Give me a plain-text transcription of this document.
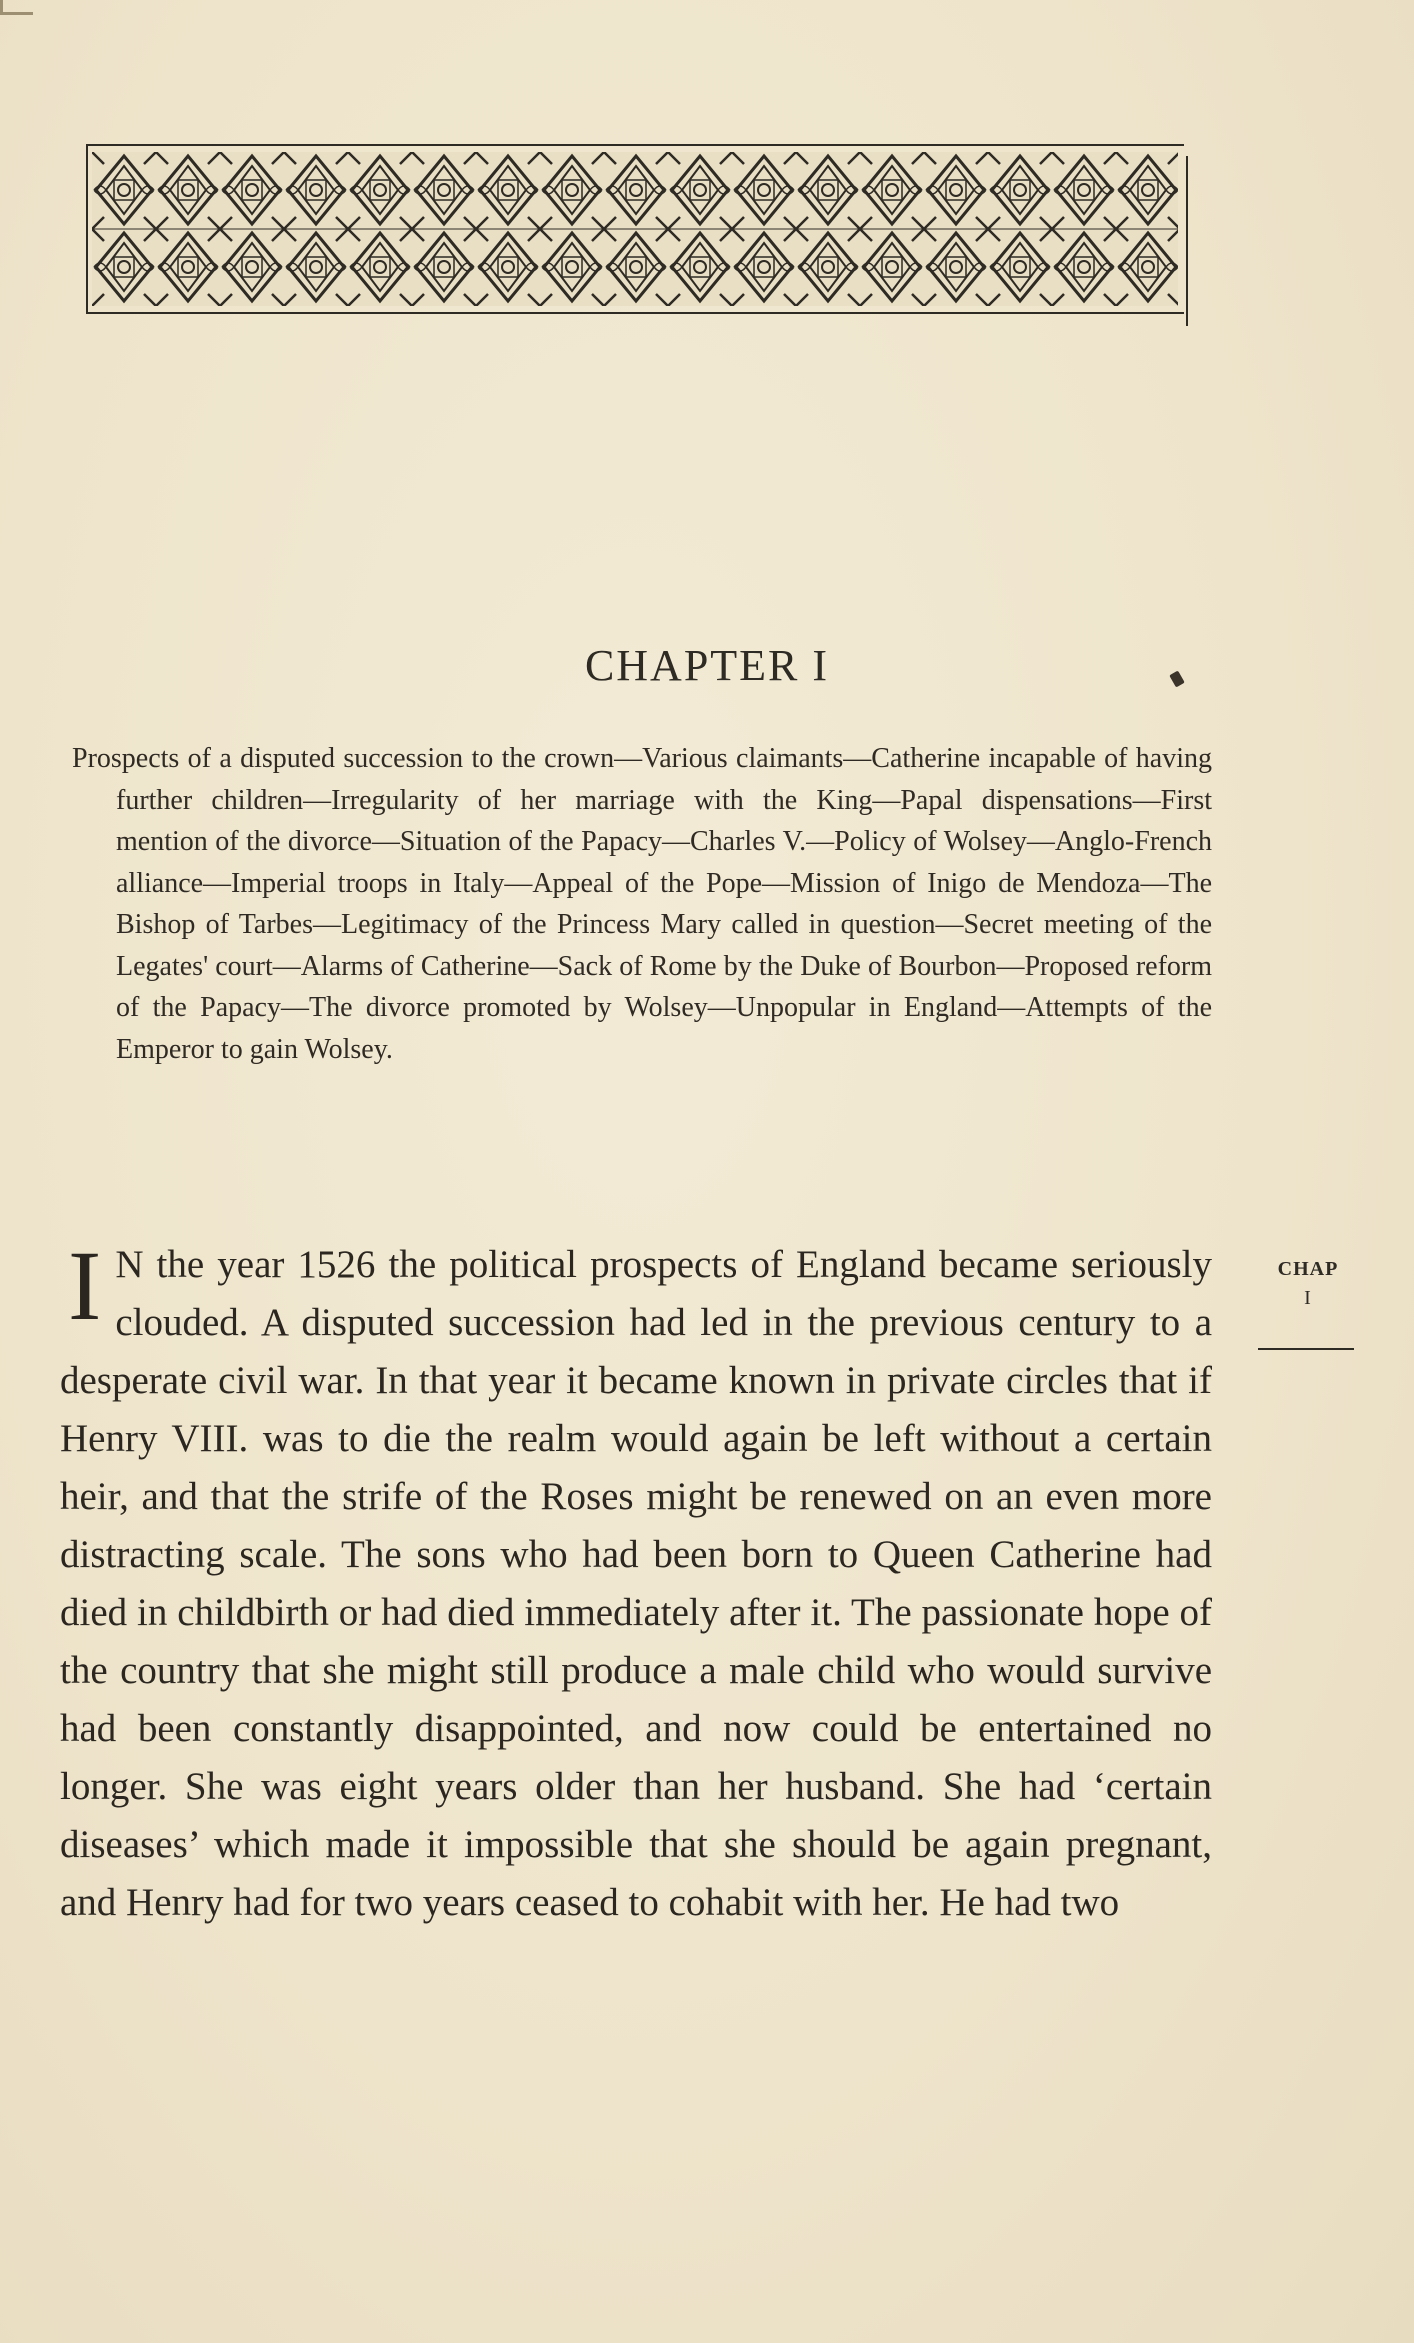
CHAPTER I

Prospects of a disputed succession to the crown—Various claimants—Catherine incapable of having further children—Irregularity of her marriage with the King—Papal dispensations—First mention of the divorce—Situation of the Papacy—Charles V.—Policy of Wolsey—Anglo-French alliance—Imperial troops in Italy—Appeal of the Pope—Mission of Inigo de Mendoza—The Bishop of Tarbes—Legitimacy of the Princess Mary called in question—Secret meeting of the Legates' court—Alarms of Catherine—Sack of Rome by the Duke of Bourbon—Proposed reform of the Papacy—The divorce promoted by Wolsey—Unpopular in England—Attempts of the Emperor to gain Wolsey.

I N the year 1526 the political prospects of England became seriously clouded. A disputed succession had led in the previous century to a desperate civil war. In that year it became known in private circles that if Henry VIII. was to die the realm would again be left without a certain heir, and that the strife of the Roses might be renewed on an even more distracting scale. The sons who had been born to Queen Catherine had died in childbirth or had died immediately after it. The passionate hope of the country that she might still produce a male child who would survive had been constantly disappointed, and now could be entertained no longer. She was eight years older than her husband. She had ‘certain diseases’ which made it impossible that she should be again pregnant, and Henry had for two years ceased to cohabit with her. He had two
CHAP
I
